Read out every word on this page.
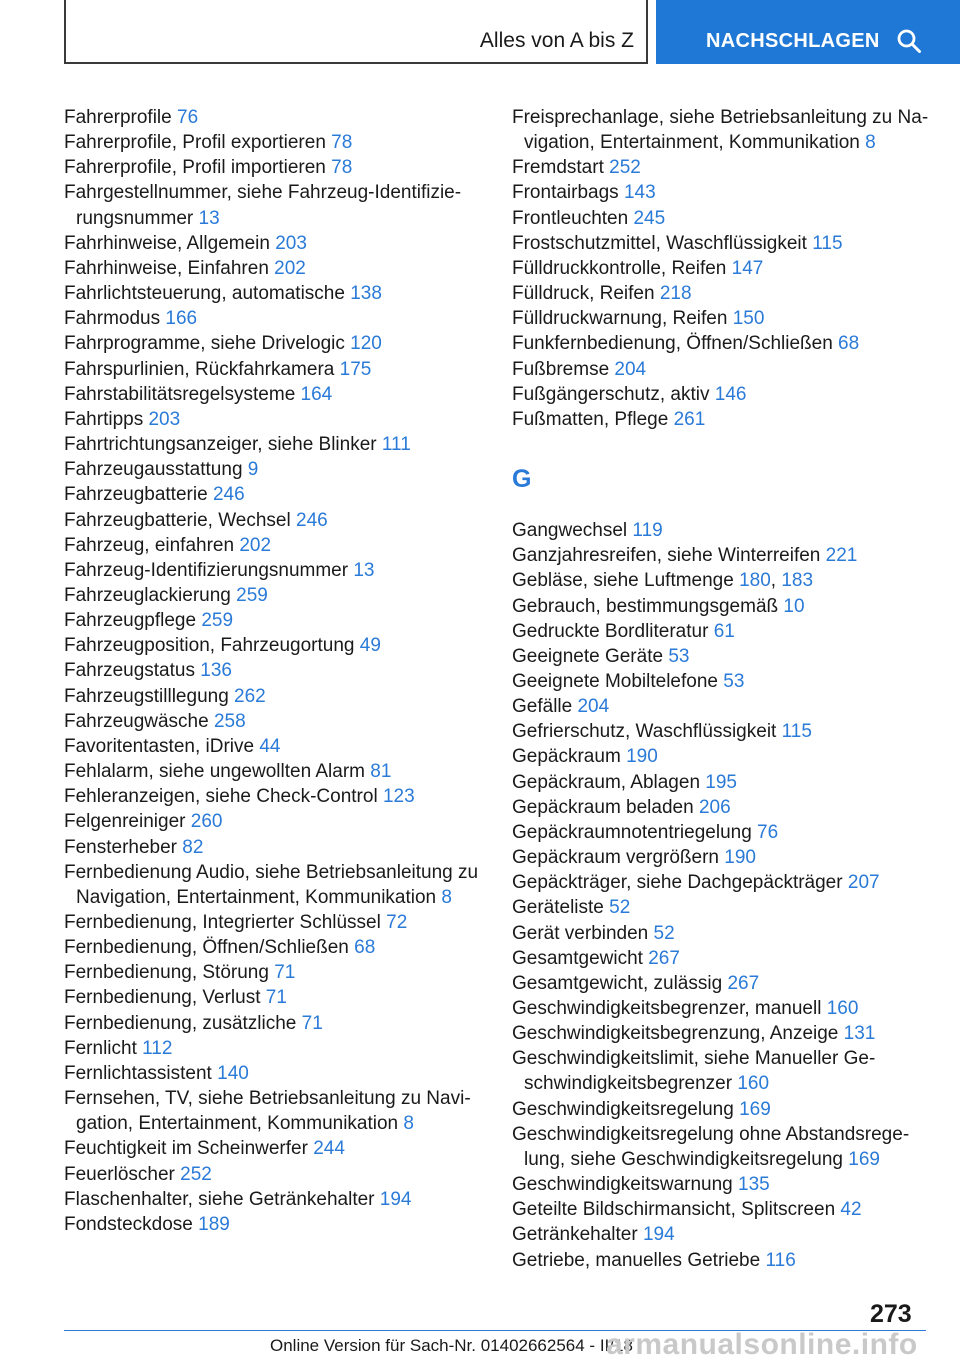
Alles von A bis Z	NACHSCHLAGEN
Fahrerprofile 76
Fahrerprofile, Profil exportieren 78
Fahrerprofile, Profil importieren 78
Fahrgestellnummer, siehe Fahrzeug-Identifizierungsnummer 13
Fahrhinweise, Allgemein 203
Fahrhinweise, Einfahren 202
Fahrlichtsteuerung, automatische 138
Fahrmodus 166
Fahrprogramme, siehe Drivelogic 120
Fahrspurlinien, Rückfahrkamera 175
Fahrstabilitätsregelsysteme 164
Fahrtipps 203
Fahrtrichtungsanzeiger, siehe Blinker 111
Fahrzeugausstattung 9
Fahrzeugbatterie 246
Fahrzeugbatterie, Wechsel 246
Fahrzeug, einfahren 202
Fahrzeug-Identifizierungsnummer 13
Fahrzeuglackierung 259
Fahrzeugpflege 259
Fahrzeugposition, Fahrzeugortung 49
Fahrzeugstatus 136
Fahrzeugstilllegung 262
Fahrzeugwäsche 258
Favoritentasten, iDrive 44
Fehlalarm, siehe ungewollten Alarm 81
Fehleranzeigen, siehe Check-Control 123
Felgenreiniger 260
Fensterheber 82
Fernbedienung Audio, siehe Betriebsanleitung zu Navigation, Entertainment, Kommunikation 8
Fernbedienung, Integrierter Schlüssel 72
Fernbedienung, Öffnen/Schließen 68
Fernbedienung, Störung 71
Fernbedienung, Verlust 71
Fernbedienung, zusätzliche 71
Fernlicht 112
Fernlichtassistent 140
Fernsehen, TV, siehe Betriebsanleitung zu Navigation, Entertainment, Kommunikation 8
Feuchtigkeit im Scheinwerfer 244
Feuerlöscher 252
Flaschenhalter, siehe Getränkehalter 194
Fondsteckdose 189
Freisprechanlage, siehe Betriebsanleitung zu Navigation, Entertainment, Kommunikation 8
Fremdstart 252
Frontairbags 143
Frontleuchten 245
Frostschutzmittel, Waschflüssigkeit 115
Fülldruckkontrolle, Reifen 147
Fülldruck, Reifen 218
Fülldruckwarnung, Reifen 150
Funkfernbedienung, Öffnen/Schließen 68
Fußbremse 204
Fußgängerschutz, aktiv 146
Fußmatten, Pflege 261
G
Gangwechsel 119
Ganzjahresreifen, siehe Winterreifen 221
Gebläse, siehe Luftmenge 180, 183
Gebrauch, bestimmungsgemäß 10
Gedruckte Bordliteratur 61
Geeignete Geräte 53
Geeignete Mobiltelefone 53
Gefälle 204
Gefrierschutz, Waschflüssigkeit 115
Gepäckraum 190
Gepäckraum, Ablagen 195
Gepäckraum beladen 206
Gepäckraumnotentriegelung 76
Gepäckraum vergrößern 190
Gepäckträger, siehe Dachgepäckträger 207
Geräteliste 52
Gerät verbinden 52
Gesamtgewicht 267
Gesamtgewicht, zulässig 267
Geschwindigkeitsbegrenzer, manuell 160
Geschwindigkeitsbegrenzung, Anzeige 131
Geschwindigkeitslimit, siehe Manueller Geschwindigkeitsbegrenzer 160
Geschwindigkeitsregelung 169
Geschwindigkeitsregelung ohne Abstandsregelung, siehe Geschwindigkeitsregelung 169
Geschwindigkeitswarnung 135
Geteilte Bildschirmansicht, Splitscreen 42
Getränkehalter 194
Getriebe, manuelles Getriebe 116
273
Online Version für Sach-Nr. 01402662564 - II/18
armanualsonline.info
